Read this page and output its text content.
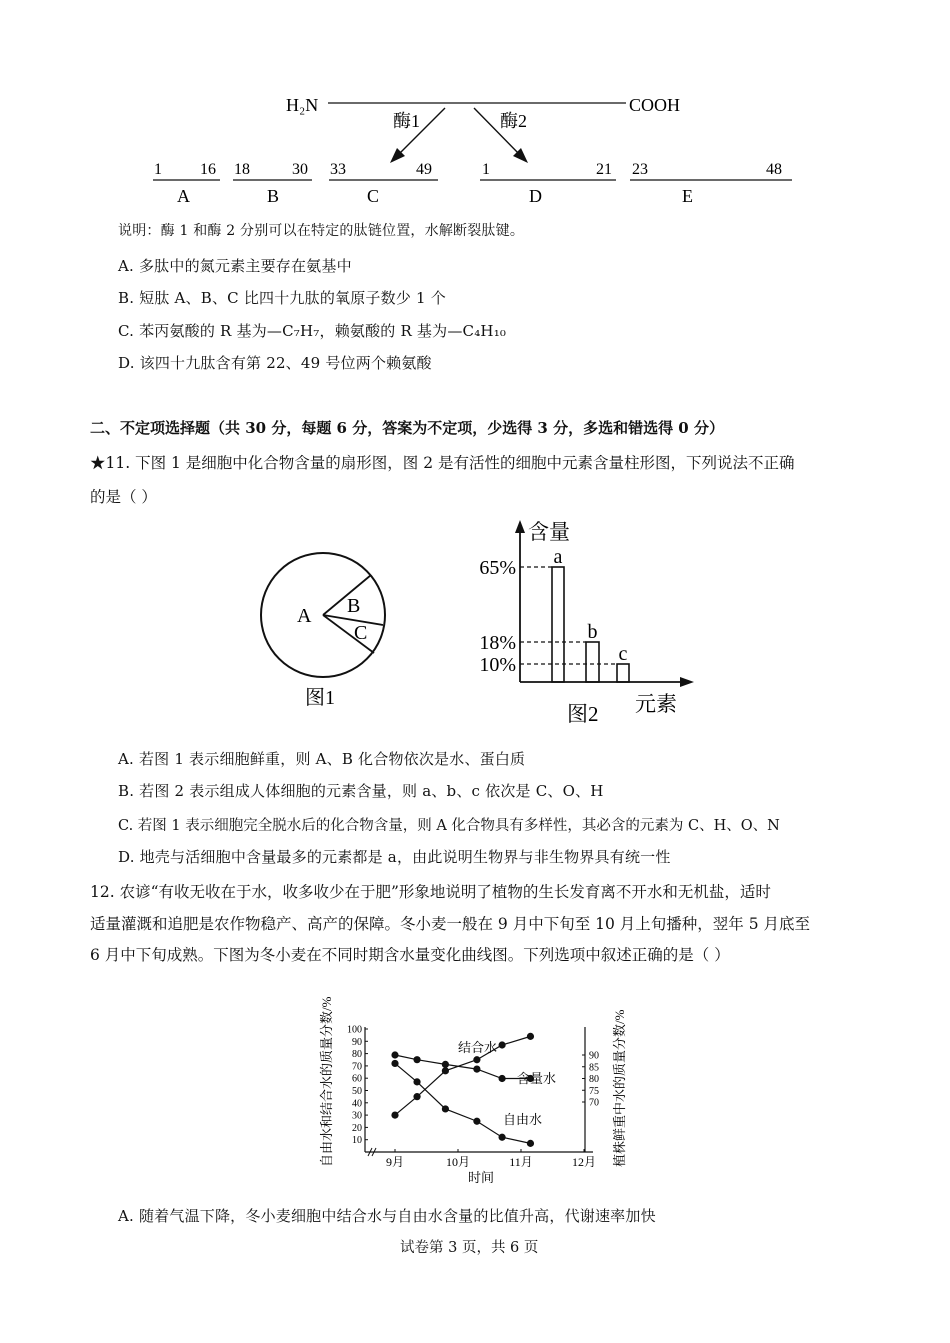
H₂N	COOH
酶1	酶2
1 16
A
18	30
B
33	49
C
1	21
D
23	48
E
说明：酶 1 和酶 2 分别可以在特定的肽链位置，水解断裂肽键。
A. 多肽中的氮元素主要存在氨基中
B. 短肽 A、B、C 比四十九肽的氧原子数少 1 个
C. 苯丙氨酸的 R 基为—C₇H₇，赖氨酸的 R 基为—C₄H₁₀
D. 该四十九肽含有第 22、49 号位两个赖氨酸
二、不定项选择题（共 30 分，每题 6 分，答案为不定项，少选得 3 分，多选和错选得 0 分）
★11. 下图 1 是细胞中化合物含量的扇形图，图 2 是有活性的细胞中元素含量柱形图，下列说法不正确
的是（ ）
A B
C
图1
含量
元素
图2
a
65%
b
18%	c
10%
A. 若图 1 表示细胞鲜重，则 A、B 化合物依次是水、蛋白质
B. 若图 2 表示组成人体细胞的元素含量，则 a、b、c 依次是 C、O、H
C. 若图 1 表示细胞完全脱水后的化合物含量，则 A 化合物具有多样性，其必含的元素为 C、H、O、N
D. 地壳与活细胞中含量最多的元素都是 a，由此说明生物界与非生物界具有统一性
12. 农谚“有收无收在于水，收多收少在于肥”形象地说明了植物的生长发育离不开水和无机盐，适时
适量灌溉和追肥是农作物稳产、高产的保障。冬小麦一般在 9 月中下旬至 10 月上旬播种，翌年 5 月底至
6 月中下旬成熟。下图为冬小麦在不同时期含水量变化曲线图。下列选项中叙述正确的是（ ）
自由水和结合水的质量分数/%	植株鲜重中水的质量分数/%
10
20
30
40
50
60
70
80
90
100
70
75
80
85
90
9月	10月	11月	12月
结合水
含量水
自由水
时间
A. 随着气温下降，冬小麦细胞中结合水与自由水含量的比值升高，代谢速率加快
试卷第 3 页，共 6 页
